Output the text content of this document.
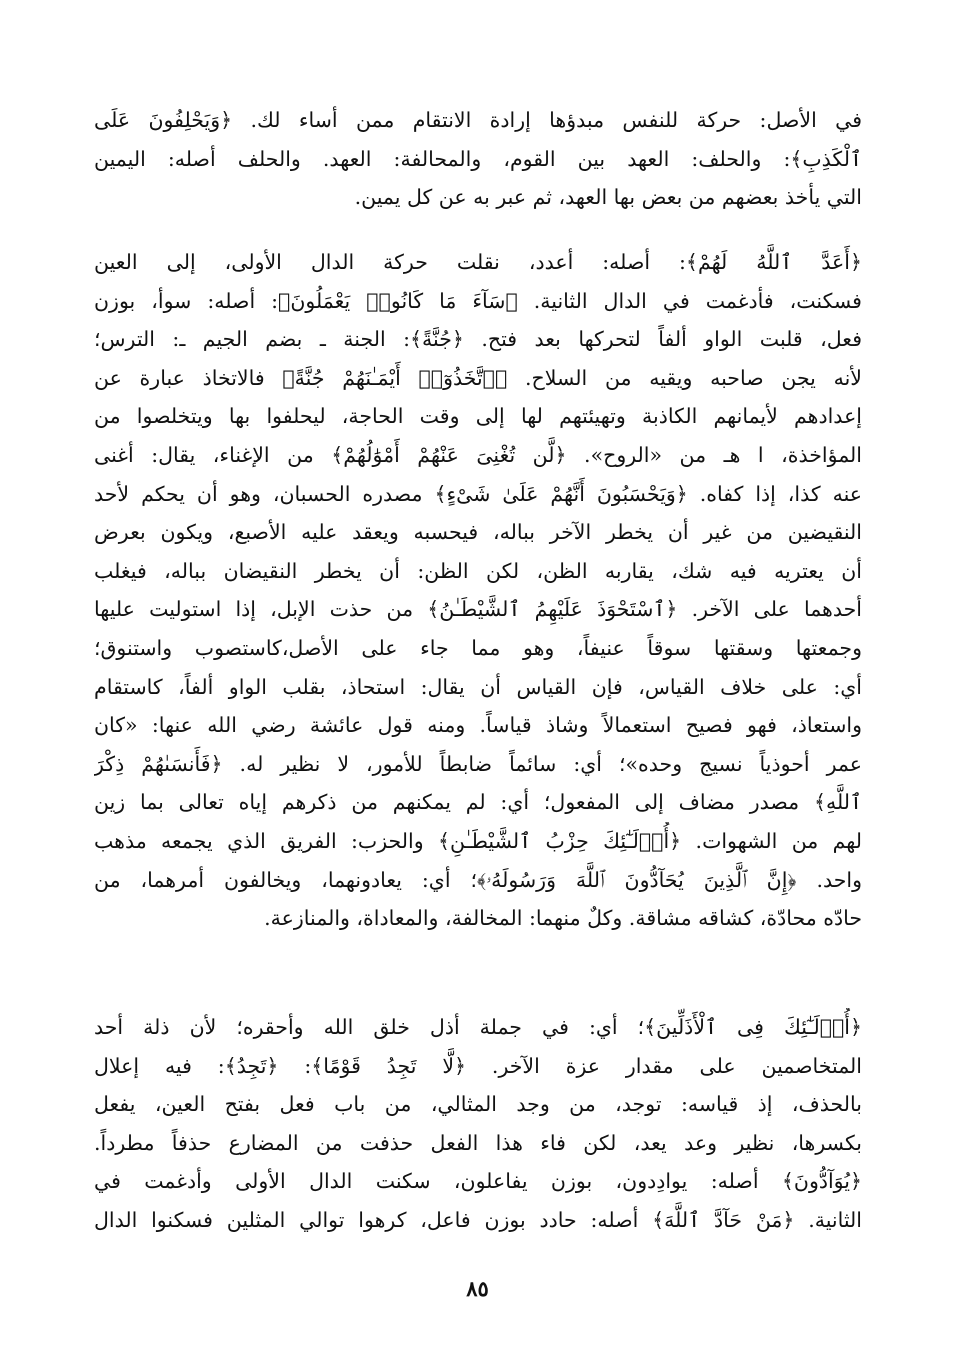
في الأصل: حركة للنفس مبدؤها إرادة الانتقام ممن أساء لك. ﴿وَيَحْلِفُونَ عَلَى
ٱلْكَذِبِ﴾: والحلف: العهد بين القوم، والمحالفة: العهد. والحلف أصله: اليمين
التي يأخذ بعضهم من بعض بها العهد، ثم عبر به عن كل يمين.
﴿أَعَدَّ ٱللَّهُ لَهُمْ﴾: أصله: أعدد، نقلت حركة الدال الأولى، إلى العين
فسكنت، فأدغمت في الدال الثانية. ﴿سَآءَ مَا كَانُوا۟ يَعْمَلُونَ﴾: أصله: سوأ، بوزن
فعل، قلبت الواو ألفاً لتحركها بعد فتح. ﴿جُنَّةً﴾: الجنة ـ بضم الجيم ـ: الترس؛
لأنه يجن صاحبه ويقيه من السلاح. ﴿ٱتَّخَذُوٓا۟ أَيْمَـٰنَهُمْ جُنَّةً﴾ فالاتخاذ عبارة عن
إعدادهم لأيمانهم الكاذبة وتهيئتهم لها إلى وقت الحاجة، ليحلفوا بها ويتخلصوا من
المؤاخذة، ا هـ من «الروح». ﴿لَّن تُغْنِىَ عَنْهُمْ أَمْوَٰلُهُمْ﴾ من الإغناء، يقال: أغنى
عنه كذا، إذا كفاه. ﴿وَيَحْسَبُونَ أَنَّهُمْ عَلَىٰ شَىْءٍ﴾ مصدره الحسبان، وهو أن يحكم لأحد
النقيضين من غير أن يخطر الآخر بباله، فيحسبه ويعقد عليه الأصبع، ويكون بعرض
أن يعتريه فيه شك، يقاربه الظن، لكن الظن: أن يخطر النقيضان بباله، فيغلب
أحدهما على الآخر. ﴿ٱسْتَحْوَذَ عَلَيْهِمُ ٱلشَّيْطَـٰنُ﴾ من حذت الإبل، إذا استوليت عليها
وجمعتها وسقتها سوقاً عنيفاً، وهو مما جاء على الأصل،كاستصوب واستنوق؛
أي: على خلاف القياس، فإن القياس أن يقال: استحاذ، بقلب الواو ألفاً، كاستقام
واستعاذ، فهو فصيح استعمالاً وشاذ قياساً. ومنه قول عائشة رضي الله عنها: «كان
عمر أحوذياً نسيج وحده»؛ أي: سائماً ضابطاً للأمور، لا نظير له. ﴿فَأَنسَىٰهُمْ ذِكْرَ
ٱللَّهِ﴾ مصدر مضاف إلى المفعول؛ أي: لم يمكنهم من ذكرهم إياه تعالى بما زين
لهم من الشهوات. ﴿أُو۟لَـٰٓئِكَ حِزْبُ ٱلشَّيْطَـٰنِ﴾ والحزب: الفريق الذي يجمعه مذهب
واحد. ﴿إِنَّ ٱلَّذِينَ يُحَآدُّونَ ٱللَّهَ وَرَسُولَهُۥ﴾؛ أي: يعادونهما، ويخالفون أمرهما، من
حادّه محادّة، كشاقه مشاقة. وكلٌ منهما: المخالفة، والمعاداة، والمنازعة.
﴿أُو۟لَـٰٓئِكَ فِى ٱلْأَذَلِّينَ﴾؛ أي: في جملة أذل خلق الله وأحقره؛ لأن ذلة أحد
المتخاصمين على مقدار عزة الآخر. ﴿لَّا تَجِدُ قَوْمًا﴾: ﴿تَجِدُ﴾: فيه إعلال
بالحذف، إذ قياسه: توجد، من وجد المثالي، من باب فعل بفتح العين، يفعل
بكسرها، نظير وعد يعد، لكن فاء هذا الفعل حذفت من المضارع حذفاً مطرداً.
﴿يُوَآدُّونَ﴾ أصله: يوادِدون، بوزن يفاعلون، سكنت الدال الأولى وأدغمت في
الثانية. ﴿مَنْ حَآدَّ ٱللَّهَ﴾ أصله: حادد بوزن فاعل، كرهوا توالي المثلين فسكنوا الدال
٨٥
